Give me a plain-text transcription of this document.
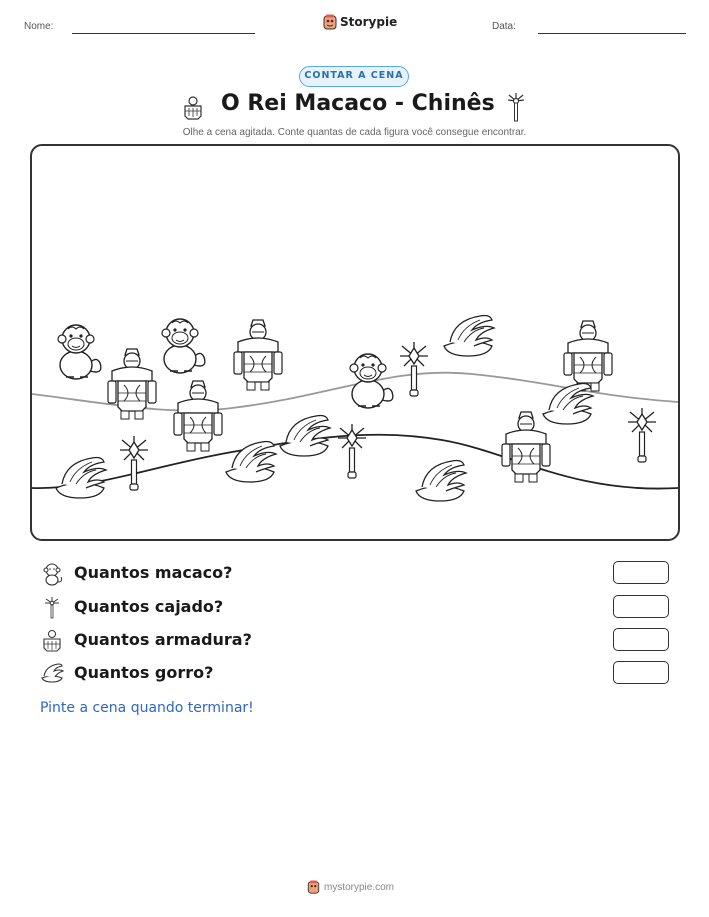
Nome:	Storypie	Data:
CONTAR A CENA
O Rei Macaco - Chinês
Olhe a cena agitada. Conte quantas de cada figura você consegue encontrar.
Quantos macaco?
Quantos cajado?
Quantos armadura?
Quantos gorro?
Pinte a cena quando terminar!
mystorypie.com
